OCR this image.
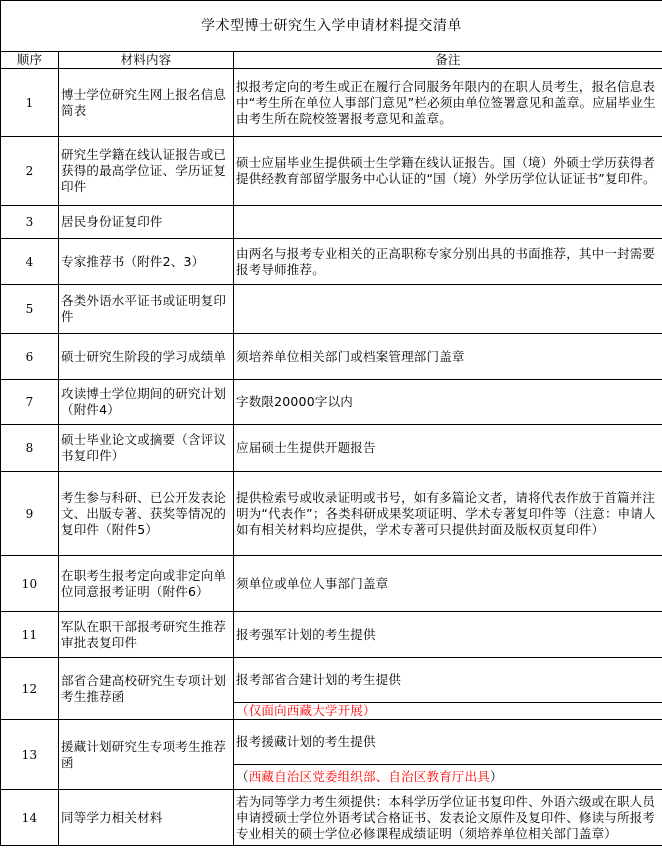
学术型博士研究生入学申请材料提交清单		
顺序	材料内容	备注
1	博士学位研究生网上报名信息简表	拟报考定向的考生或正在履行合同服务年限内的在职人员考生，报名信息表中“考生所在单位人事部门意见”栏必须由单位签署意见和盖章。应届毕业生由考生所在院校签署报考意见和盖章。
2	研究生学籍在线认证报告或已获得的最高学位证、学历证复印件	硕士应届毕业生提供硕士生学籍在线认证报告。国（境）外硕士学历获得者提供经教育部留学服务中心认证的“国（境）外学历学位认证证书”复印件。
3	居民身份证复印件	
4	专家推荐书（附件2、3）	由两名与报考专业相关的正高职称专家分别出具的书面推荐，其中一封需要报考导师推荐。
5	各类外语水平证书或证明复印件	
6	硕士研究生阶段的学习成绩单	须培养单位相关部门或档案管理部门盖章
7	攻读博士学位期间的研究计划（附件4）	字数限20000字以内
8	硕士毕业论文或摘要（含评议书复印件）	应届硕士生提供开题报告
9	考生参与科研、已公开发表论文、出版专著、获奖等情况的复印件（附件5）	提供检索号或收录证明或书号，如有多篇论文者，请将代表作放于首篇并注明为“代表作”；各类科研成果奖项证明、学术专著复印件等（注意：申请人如有相关材料均应提供，学术专著可只提供封面及版权页复印件）
10	在职考生报考定向或非定向单位同意报考证明（附件6）	须单位或单位人事部门盖章
11	军队在职干部报考研究生推荐审批表复印件	报考强军计划的考生提供
12	部省合建高校研究生专项计划考生推荐函	报考部省合建计划的考生提供
		（仅面向西藏大学开展）
13	援藏计划研究生专项考生推荐函	报考援藏计划的考生提供
		（西藏自治区党委组织部、自治区教育厅出具）
14	同等学力相关材料	若为同等学力考生须提供：本科学历学位证书复印件、外语六级或在职人员申请授硕士学位外语考试合格证书、发表论文原件及复印件、修读与所报考专业相关的硕士学位必修课程成绩证明（须培养单位相关部门盖章）
